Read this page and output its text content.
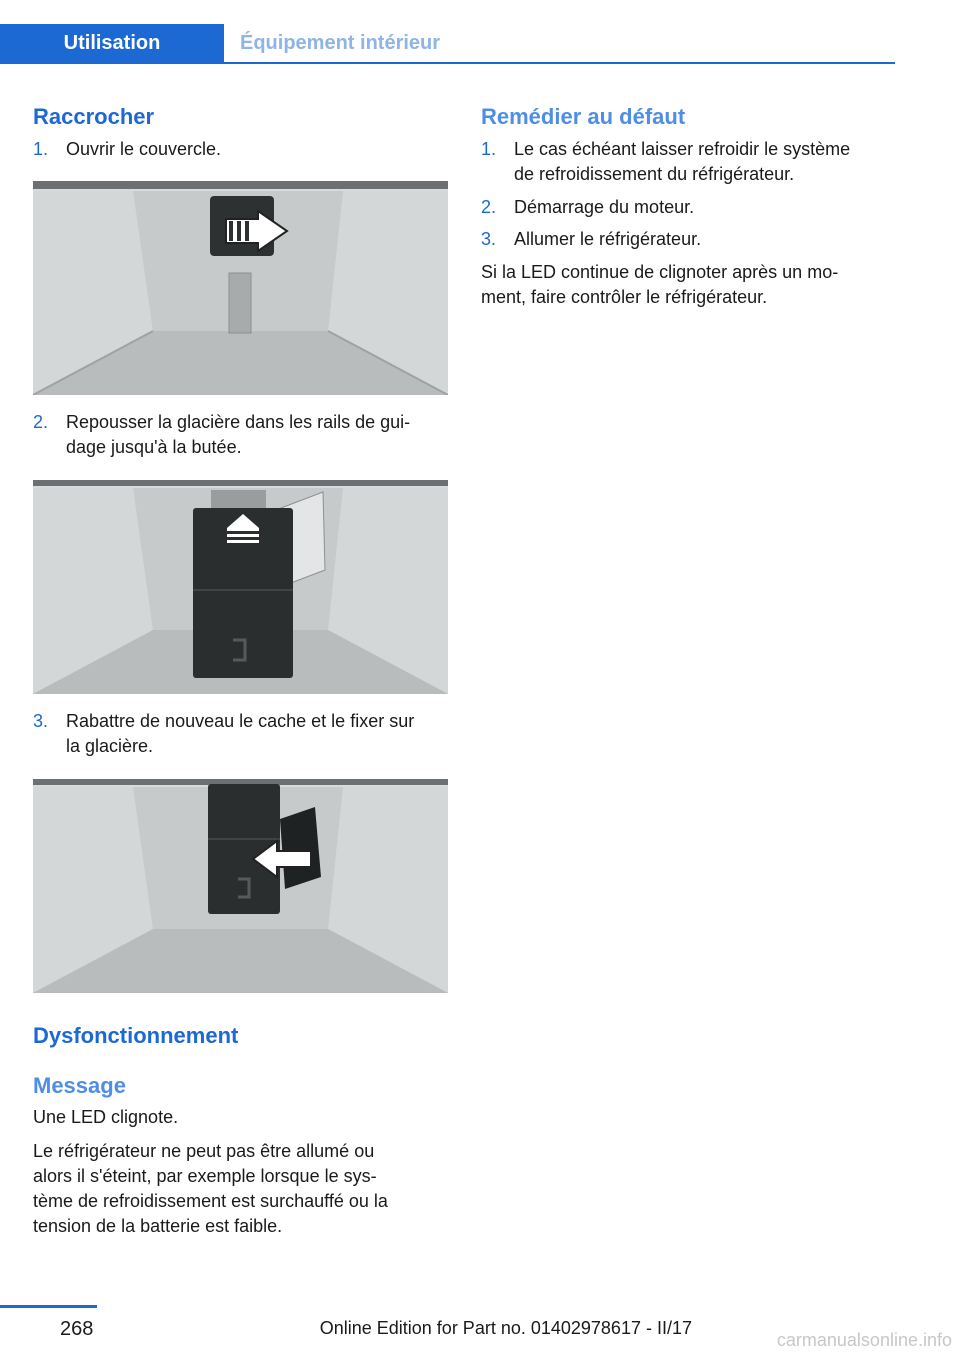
Utilisation	Équipement intérieur
Raccrocher
1. Ouvrir le couvercle.
2. Repousser la glacière dans les rails de gui-
dage jusqu'à la butée.
3. Rabattre de nouveau le cache et le fixer sur
la glacière.
Dysfonctionnement
Message
Une LED clignote.
Le réfrigérateur ne peut pas être allumé ou
alors il s'éteint, par exemple lorsque le sys-
tème de refroidissement est surchauffé ou la
tension de la batterie est faible.
Remédier au défaut
1. Le cas échéant laisser refroidir le système
de refroidissement du réfrigérateur.
2. Démarrage du moteur.
3. Allumer le réfrigérateur.
Si la LED continue de clignoter après un mo-
ment, faire contrôler le réfrigérateur.
268	Online Edition for Part no. 01402978617 - II/17
carmanualsonline.info
